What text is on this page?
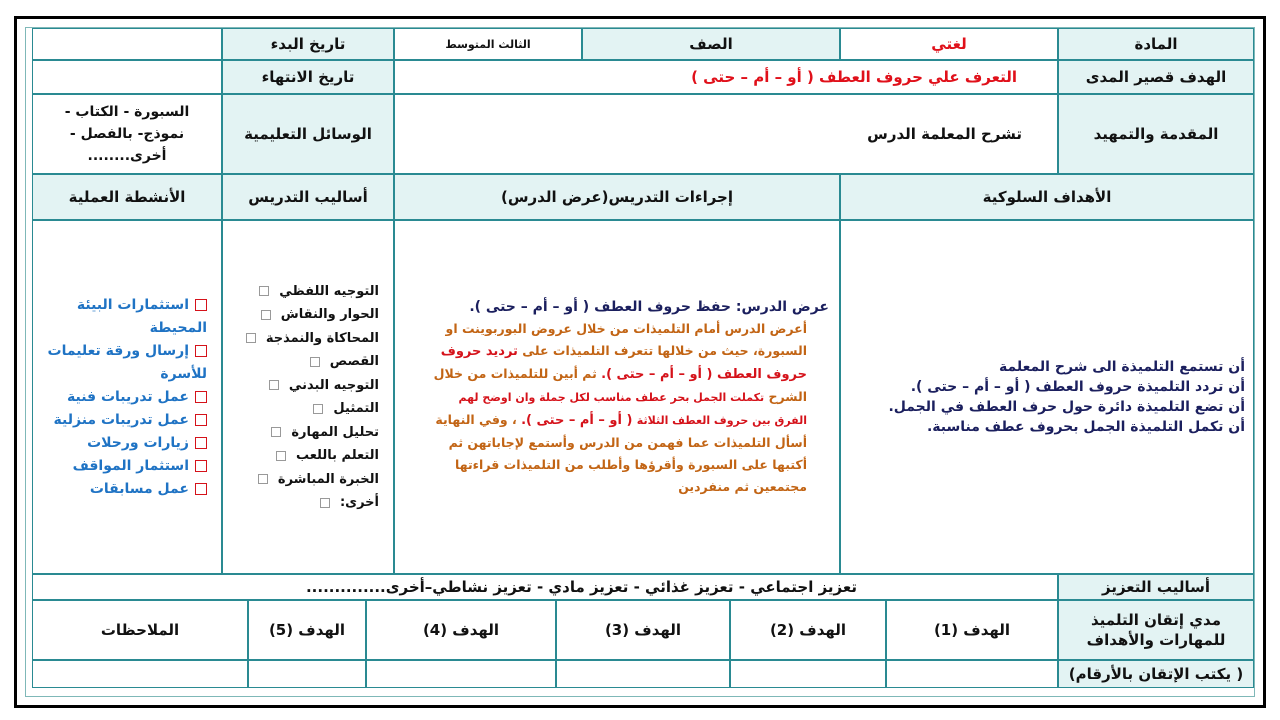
المادة
لغتي
الصف
الثالث المتوسط
تاريخ البدء
الهدف قصير المدى
التعرف علي حروف العطف ( أو – أم – حتى )
تاريخ الانتهاء
المقدمة والتمهيد
تشرح المعلمة الدرس
الوسائل التعليمية
السبورة - الكتاب - نموذج- بالفصل - أخرى........
الأهداف السلوكية
إجراءات التدريس(عرض الدرس)
أساليب التدريس
الأنشطة العملية
أن تستمع التلميذة الى شرح المعلمة
أن تردد التلميذة حروف العطف ( أو – أم – حتى ).
أن تضع التلميذة دائرة حول حرف العطف في الجمل.
أن تكمل التلميذة الجمل بحروف عطف مناسبة.
عرض الدرس: حفظ حروف العطف ( أو – أم – حتى ).
أعرض الدرس أمام التلميذات من خلال عروض البوربوينت او السبورة، حيث من خلالها تتعرف التلميذات على ترديد حروف حروف العطف ( أو – أم – حتى ). ثم أبين للتلميذات من خلال الشرح تكملت الجمل بحر عطف مناسب لكل جملة وان اوضح لهم الفرق بين حروف العطف الثلاثة ( أو – أم – حتى ). ، وفي النهاية أسأل التلميذات عما فهمن من الدرس وأستمع لإجاباتهن ثم أكتبها على السبورة وأقرؤها وأطلب من التلميذات قراءتها مجتمعين ثم منفردين
التوجيه اللفظي
الحوار والنقاش
المحاكاة والنمذجة
القصص
التوجيه البدني
التمثيل
تحليل المهارة
التعلم باللعب
الخبرة المباشرة
أخرى:
استثمارات البيئة المحيطة
إرسال ورقة تعليمات للأسرة
عمل تدريبات فنية
عمل تدريبات منزلية
زيارات ورحلات
استثمار المواقف
عمل مسابقات
أساليب التعزيز
تعزيز اجتماعي - تعزيز غذائي - تعزيز مادي - تعزيز نشاطي–أخرى..............
مدي إتقان التلميذ للمهارات والأهداف
الهدف (1)
الهدف (2)
الهدف (3)
الهدف (4)
الهدف (5)
الملاحظات
( يكتب الإتقان بالأرقام)
